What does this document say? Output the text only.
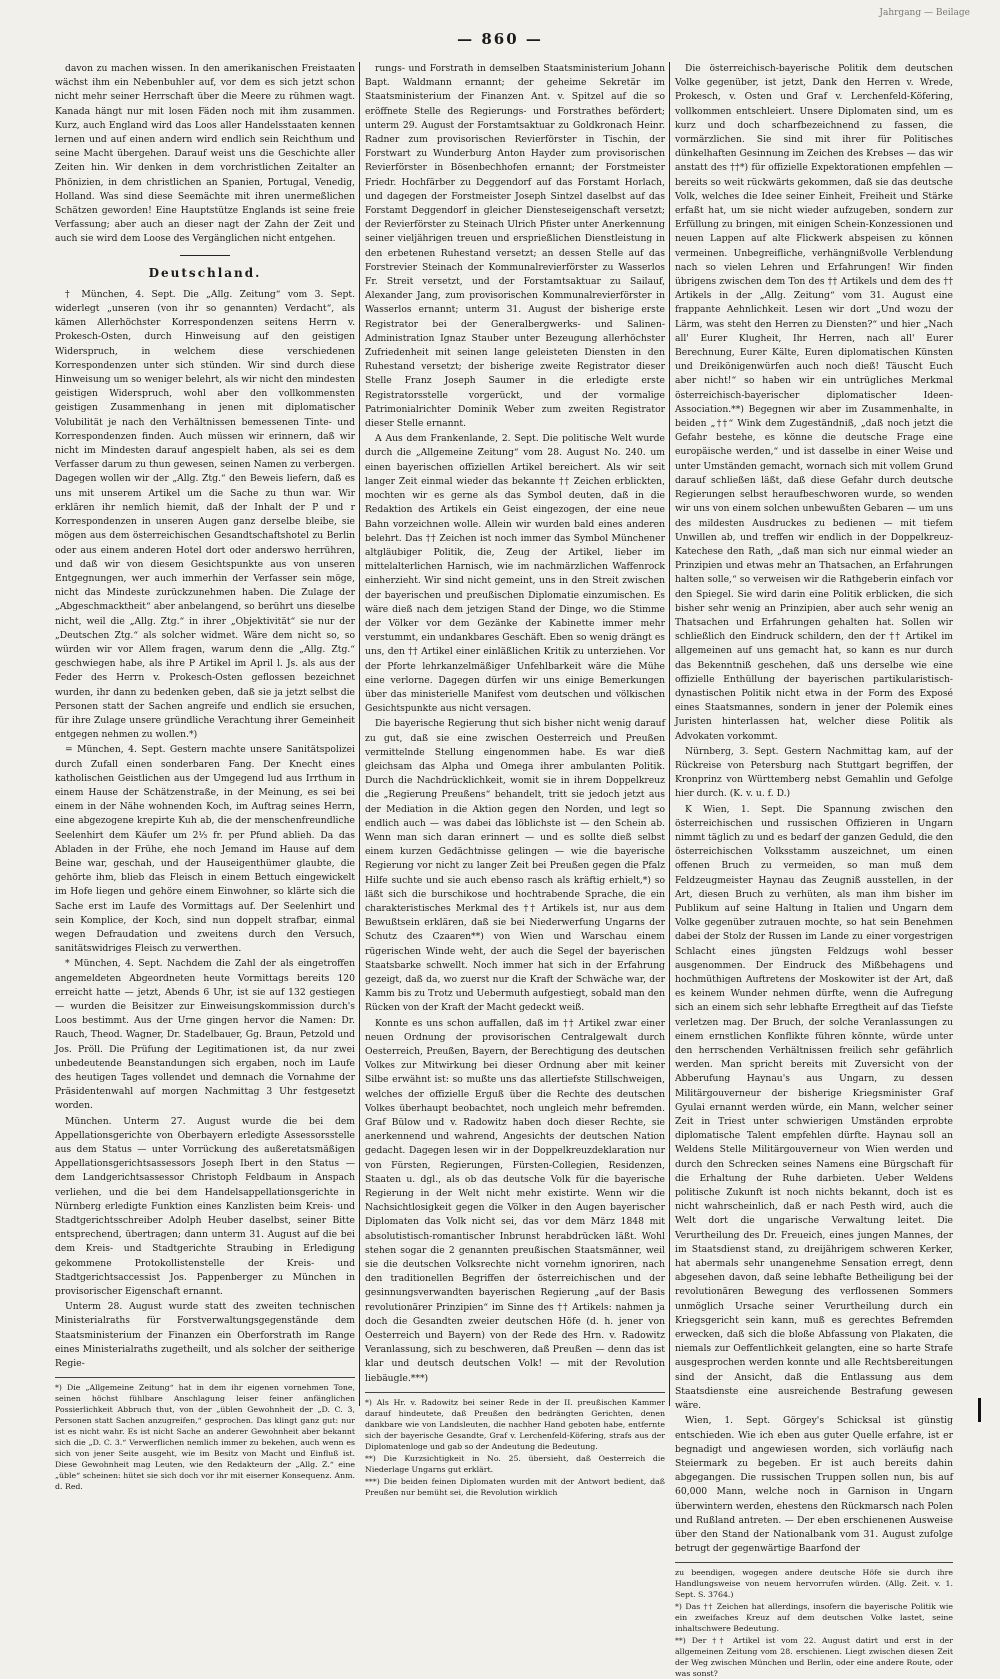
Jahrgang — Beilage
— 860 —

davon zu machen wissen. In den amerikanischen Freistaaten wächst ihm ein Nebenbuhler auf, vor dem es sich jetzt schon nicht mehr seiner Herrschaft über die Meere zu rühmen wagt. Kanada hängt nur mit losen Fäden noch mit ihm zusammen. Kurz, auch England wird das Loos aller Handelsstaaten kennen lernen und auf einen andern wird endlich sein Reichthum und seine Macht übergehen. Darauf weist uns die Geschichte aller Zeiten hin. Wir denken in dem vorchristlichen Zeitalter an Phönizien, in dem christlichen an Spanien, Portugal, Venedig, Holland. Was sind diese Seemächte mit ihren unermeßlichen Schätzen geworden! Eine Hauptstütze Englands ist seine freie Verfassung; aber auch an dieser nagt der Zahn der Zeit und auch sie wird dem Loose des Vergänglichen nicht entgehen.

Deutschland.

† München, 4. Sept. Die „Allg. Zeitung“ vom 3. Sept. widerlegt „unseren (von ihr so genannten) Verdacht“, als kämen Allerhöchster Korrespondenzen seitens Herrn v. Prokesch-Osten, durch Hinweisung auf den geistigen Widerspruch, in welchem diese verschiedenen Korrespondenzen unter sich stünden. Wir sind durch diese Hinweisung um so weniger belehrt, als wir nicht den mindesten geistigen Widerspruch, wohl aber den vollkommensten geistigen Zusammenhang in jenen mit diplomatischer Volubilität je nach den Verhältnissen bemessenen Tinte- und Korrespondenzen finden. Auch müssen wir erinnern, daß wir nicht im Mindesten darauf angespielt haben, als sei es dem Verfasser darum zu thun gewesen, seinen Namen zu verbergen. Dagegen wollen wir der „Allg. Ztg.“ den Beweis liefern, daß es uns mit unserem Artikel um die Sache zu thun war. Wir erklären ihr nemlich hiemit, daß der Inhalt der P und r Korrespondenzen in unseren Augen ganz derselbe bleibe, sie mögen aus dem österreichischen Gesandtschaftshotel zu Berlin oder aus einem anderen Hotel dort oder anderswo herrühren, und daß wir von diesem Gesichtspunkte aus von unseren Entgegnungen, wer auch immerhin der Verfasser sein möge, nicht das Mindeste zurückzunehmen haben. Die Zulage der „Abgeschmacktheit“ aber anbelangend, so berührt uns dieselbe nicht, weil die „Allg. Ztg.“ in ihrer „Objektivität“ sie nur der „Deutschen Ztg.“ als solcher widmet. Wäre dem nicht so, so würden wir vor Allem fragen, warum denn die „Allg. Ztg.“ geschwiegen habe, als ihre P Artikel im April l. Js. als aus der Feder des Herrn v. Prokesch-Osten geflossen bezeichnet wurden, ihr dann zu bedenken geben, daß sie ja jetzt selbst die Personen statt der Sachen angreife und endlich sie ersuchen, für ihre Zulage unsere gründliche Verachtung ihrer Gemeinheit entgegen nehmen zu wollen.*)

= München, 4. Sept. Gestern machte unsere Sanitätspolizei durch Zufall einen sonderbaren Fang. Der Knecht eines katholischen Geistlichen aus der Umgegend lud aus Irrthum in einem Hause der Schätzenstraße, in der Meinung, es sei bei einem in der Nähe wohnenden Koch, im Auftrag seines Herrn, eine abgezogene krepirte Kuh ab, die der menschenfreundliche Seelenhirt dem Käufer um 2⅓ fr. per Pfund ablieh. Da das Abladen in der Frühe, ehe noch Jemand im Hause auf dem Beine war, geschah, und der Hauseigenthümer glaubte, die gehörte ihm, blieb das Fleisch in einem Bettuch eingewickelt im Hofe liegen und gehöre einem Einwohner, so klärte sich die Sache erst im Laufe des Vormittags auf. Der Seelenhirt und sein Komplice, der Koch, sind nun doppelt strafbar, einmal wegen Defraudation und zweitens durch den Versuch, sanitätswidriges Fleisch zu verwerthen.

* München, 4. Sept. Nachdem die Zahl der als eingetroffen angemeldeten Abgeordneten heute Vormittags bereits 120 erreicht hatte — jetzt, Abends 6 Uhr, ist sie auf 132 gestiegen — wurden die Beisitzer zur Einweisungskommission durch's Loos bestimmt. Aus der Urne gingen hervor die Namen: Dr. Rauch, Theod. Wagner, Dr. Stadelbauer, Gg. Braun, Petzold und Jos. Pröll. Die Prüfung der Legitimationen ist, da nur zwei unbedeutende Beanstandungen sich ergaben, noch im Laufe des heutigen Tages vollendet und demnach die Vornahme der Präsidentenwahl auf morgen Nachmittag 3 Uhr festgesetzt worden.

München. Unterm 27. August wurde die bei dem Appellationsgerichte von Oberbayern erledigte Assessorsstelle aus dem Status — unter Vorrückung des außeretatsmäßigen Appellationsgerichtsassessors Joseph Ibert in den Status — dem Landgerichtsassessor Christoph Feldbaum in Anspach verliehen, und die bei dem Handelsappellationsgerichte in Nürnberg erledigte Funktion eines Kanzlisten beim Kreis- und Stadtgerichtsschreiber Adolph Heuber daselbst, seiner Bitte entsprechend, übertragen; dann unterm 31. August auf die bei dem Kreis- und Stadtgerichte Straubing in Erledigung gekommene Protokollistenstelle der Kreis- und Stadtgerichtsaccessist Jos. Pappenberger zu München in provisorischer Eigenschaft ernannt.

Unterm 28. August wurde statt des zweiten technischen Ministerialraths für Forstverwaltungsgegenstände dem Staatsministerium der Finanzen ein Oberforstrath im Range eines Ministerialraths zugetheilt, und als solcher der seitherige Regie-

*) Die „Allgemeine Zeitung“ hat in dem ihr eigenen vornehmen Tone, seinen höchst fühlbare Anschlagung leiser feiner anfänglichen Possierlichkeit Abbruch thut, von der „üblen Gewohnheit der „D. C. 3, Personen statt Sachen anzugreifen,“ gesprochen. Das klingt ganz gut: nur ist es nicht wahr. Es ist nicht Sache an anderer Gewohnheit aber bekannt sich die „D. C. 3.“ Verwerflichen nemlich immer zu bekehen, auch wenn es sich von jener Seite ausgeht, wie im Besitz von Macht und Einfluß ist. Diese Gewohnheit mag Leuten, wie den Redakteurn der „Allg. Z.“ eine „üble“ scheinen: hütet sie sich doch vor ihr mit eiserner Konsequenz. Anm. d. Red.

rungs- und Forstrath in demselben Staatsministerium Johann Bapt. Waldmann ernannt; der geheime Sekretär im Staatsministerium der Finanzen Ant. v. Spitzel auf die so eröffnete Stelle des Regierungs- und Forstrathes befördert; unterm 29. August der Forstamtsaktuar zu Goldkronach Heinr. Radner zum provisorischen Revierförster in Tischin, der Forstwart zu Wunderburg Anton Hayder zum provisorischen Revierförster in Bösenbechhofen ernannt; der Forstmeister Friedr. Hochfärber zu Deggendorf auf das Forstamt Horlach, und dagegen der Forstmeister Joseph Sintzel daselbst auf das Forstamt Deggendorf in gleicher Diensteseigenschaft versetzt; der Revierförster zu Steinach Ulrich Pfister unter Anerkennung seiner vieljährigen treuen und ersprießlichen Dienstleistung in den erbetenen Ruhestand versetzt; an dessen Stelle auf das Forstrevier Steinach der Kommunalrevierförster zu Wasserlos Fr. Streit versetzt, und der Forstamtsaktuar zu Sailauf, Alexander Jang, zum provisorischen Kommunalrevierförster in Wasserlos ernannt; unterm 31. August der bisherige erste Registrator bei der Generalbergwerks- und Salinen-Administration Ignaz Stauber unter Bezeugung allerhöchster Zufriedenheit mit seinen lange geleisteten Diensten in den Ruhestand versetzt; der bisherige zweite Registrator dieser Stelle Franz Joseph Saumer in die erledigte erste Registratorsstelle vorgerückt, und der vormalige Patrimonialrichter Dominik Weber zum zweiten Registrator dieser Stelle ernannt.

A Aus dem Frankenlande, 2. Sept. Die politische Welt wurde durch die „Allgemeine Zeitung“ vom 28. August No. 240. um einen bayerischen offiziellen Artikel bereichert. Als wir seit langer Zeit einmal wieder das bekannte †† Zeichen erblickten, mochten wir es gerne als das Symbol deuten, daß in die Redaktion des Artikels ein Geist eingezogen, der eine neue Bahn vorzeichnen wolle. Allein wir wurden bald eines anderen belehrt. Das †† Zeichen ist noch immer das Symbol Münchener altgläubiger Politik, die, Zeug der Artikel, lieber im mittelalterlichen Harnisch, wie im nachmärzlichen Waffenrock einherzieht. Wir sind nicht gemeint, uns in den Streit zwischen der bayerischen und preußischen Diplomatie einzumischen. Es wäre dieß nach dem jetzigen Stand der Dinge, wo die Stimme der Völker vor dem Gezänke der Kabinette immer mehr verstummt, ein undankbares Geschäft. Eben so wenig drängt es uns, den †† Artikel einer einläßlichen Kritik zu unterziehen. Vor der Pforte lehrkanzelmäßiger Unfehlbarkeit wäre die Mühe eine verlorne. Dagegen dürfen wir uns einige Bemerkungen über das ministerielle Manifest vom deutschen und völkischen Gesichtspunkte aus nicht versagen.

Die bayerische Regierung thut sich bisher nicht wenig darauf zu gut, daß sie eine zwischen Oesterreich und Preußen vermittelnde Stellung eingenommen habe. Es war dieß gleichsam das Alpha und Omega ihrer ambulanten Politik. Durch die Nachdrücklichkeit, womit sie in ihrem Doppelkreuz die „Regierung Preußens“ behandelt, tritt sie jedoch jetzt aus der Mediation in die Aktion gegen den Norden, und legt so endlich auch — was dabei das löblichste ist — den Schein ab. Wenn man sich daran erinnert — und es sollte dieß selbst einem kurzen Gedächtnisse gelingen — wie die bayerische Regierung vor nicht zu langer Zeit bei Preußen gegen die Pfalz Hilfe suchte und sie auch ebenso rasch als kräftig erhielt,*) so läßt sich die burschikose und hochtrabende Sprache, die ein charakteristisches Merkmal des †† Artikels ist, nur aus dem Bewußtsein erklären, daß sie bei Niederwerfung Ungarns der Schutz des Czaaren**) von Wien und Warschau einem rügerischen Winde weht, der auch die Segel der bayerischen Staatsbarke schwellt. Noch immer hat sich in der Erfahrung gezeigt, daß da, wo zuerst nur die Kraft der Schwäche war, der Kamm bis zu Trotz und Uebermuth aufgestiegt, sobald man den Rücken von der Kraft der Macht gedeckt weiß.

Konnte es uns schon auffallen, daß im †† Artikel zwar einer neuen Ordnung der provisorischen Centralgewalt durch Oesterreich, Preußen, Bayern, der Berechtigung des deutschen Volkes zur Mitwirkung bei dieser Ordnung aber mit keiner Silbe erwähnt ist: so mußte uns das allertiefste Stillschweigen, welches der offizielle Erguß über die Rechte des deutschen Volkes überhaupt beobachtet, noch ungleich mehr befremden. Graf Bülow und v. Radowitz haben doch dieser Rechte, sie anerkennend und wahrend, Angesichts der deutschen Nation gedacht. Dagegen lesen wir in der Doppelkreuzdeklaration nur von Fürsten, Regierungen, Fürsten-Collegien, Residenzen, Staaten u. dgl., als ob das deutsche Volk für die bayerische Regierung in der Welt nicht mehr existirte. Wenn wir die Nachsichtlosigkeit gegen die Völker in den Augen bayerischer Diplomaten das Volk nicht sei, das vor dem März 1848 mit absolutistisch-romantischer Inbrunst herabdrücken läßt. Wohl stehen sogar die 2 genannten preußischen Staatsmänner, weil sie die deutschen Volksrechte nicht vornehm ignoriren, nach den traditionellen Begriffen der österreichischen und der gesinnungsverwandten bayerischen Regierung „auf der Basis revolutionärer Prinzipien“ im Sinne des †† Artikels: nahmen ja doch die Gesandten zweier deutschen Höfe (d. h. jener von Oesterreich und Bayern) von der Rede des Hrn. v. Radowitz Veranlassung, sich zu beschweren, daß Preußen — denn das ist klar und deutsch deutschen Volk! — mit der Revolution liebäugle.***)

*) Als Hr. v. Radowitz bei seiner Rede in der II. preußischen Kammer darauf hindeutete, daß Preußen den bedrängten Gerichten, denen dankbare wie von Landsleuten, die nachher Hand geboten habe, entfernte sich der bayerische Gesandte, Graf v. Lerchenfeld-Köfering, strafs aus der Diplomatenloge und gab so der Andeutung die Bedeutung.

**) Die Kurzsichtigkeit in No. 25. übersieht, daß Oesterreich die Niederlage Ungarns gut erklärt.

***) Die beiden feinen Diplomaten wurden mit der Antwort bedient, daß Preußen nur bemüht sei, die Revolution wirklich

Die österreichisch-bayerische Politik dem deutschen Volke gegenüber, ist jetzt, Dank den Herren v. Wrede, Prokesch, v. Osten und Graf v. Lerchenfeld-Köfering, vollkommen entschleiert. Unsere Diplomaten sind, um es kurz und doch scharfbezeichnend zu fassen, die vormärzlichen. Sie sind mit ihrer für Politisches dünkelhaften Gesinnung im Zeichen des Krebses — das wir anstatt des ††*) für offizielle Expektorationen empfehlen — bereits so weit rückwärts gekommen, daß sie das deutsche Volk, welches die Idee seiner Einheit, Freiheit und Stärke erfaßt hat, um sie nicht wieder aufzugeben, sondern zur Erfüllung zu bringen, mit einigen Schein-Konzessionen und neuen Lappen auf alte Flickwerk abspeisen zu können vermeinen. Unbegreifliche, verhängnißvolle Verblendung nach so vielen Lehren und Erfahrungen! Wir finden übrigens zwischen dem Ton des †† Artikels und dem des †† Artikels in der „Allg. Zeitung“ vom 31. August eine frappante Aehnlichkeit. Lesen wir dort „Und wozu der Lärm, was steht den Herren zu Diensten?“ und hier „Nach all' Eurer Klugheit, Ihr Herren, nach all' Eurer Berechnung, Eurer Kälte, Euren diplomatischen Künsten und Dreikönigenwürfen auch noch dieß! Täuscht Euch aber nicht!“ so haben wir ein untrügliches Merkmal österreichisch-bayerischer diplomatischer Ideen-Association.**) Begegnen wir aber im Zusammenhalte, in beiden „††“ Wink dem Zugeständniß, „daß noch jetzt die Gefahr bestehe, es könne die deutsche Frage eine europäische werden,“ und ist dasselbe in einer Weise und unter Umständen gemacht, wornach sich mit vollem Grund darauf schließen läßt, daß diese Gefahr durch deutsche Regierungen selbst heraufbeschworen wurde, so wenden wir uns von einem solchen unbewußten Gebaren — um uns des mildesten Ausdruckes zu bedienen — mit tiefem Unwillen ab, und treffen wir endlich in der Doppelkreuz-Katechese den Rath, „daß man sich nur einmal wieder an Prinzipien und etwas mehr an Thatsachen, an Erfahrungen halten solle,“ so verweisen wir die Rathgeberin einfach vor den Spiegel. Sie wird darin eine Politik erblicken, die sich bisher sehr wenig an Prinzipien, aber auch sehr wenig an Thatsachen und Erfahrungen gehalten hat. Sollen wir schließlich den Eindruck schildern, den der †† Artikel im allgemeinen auf uns gemacht hat, so kann es nur durch das Bekenntniß geschehen, daß uns derselbe wie eine offizielle Enthüllung der bayerischen partikularistisch-dynastischen Politik nicht etwa in der Form des Exposé eines Staatsmannes, sondern in jener der Polemik eines Juristen hinterlassen hat, welcher diese Politik als Advokaten vorkommt.

Nürnberg, 3. Sept. Gestern Nachmittag kam, auf der Rückreise von Petersburg nach Stuttgart begriffen, der Kronprinz von Württemberg nebst Gemahlin und Gefolge hier durch. (K. v. u. f. D.)

K Wien, 1. Sept. Die Spannung zwischen den österreichischen und russischen Offizieren in Ungarn nimmt täglich zu und es bedarf der ganzen Geduld, die den österreichischen Volksstamm auszeichnet, um einen offenen Bruch zu vermeiden, so man muß dem Feldzeugmeister Haynau das Zeugniß ausstellen, in der Art, diesen Bruch zu verhüten, als man ihm bisher im Publikum auf seine Haltung in Italien und Ungarn dem Volke gegenüber zutrauen mochte, so hat sein Benehmen dabei der Stolz der Russen im Lande zu einer vorgestrigen Schlacht eines jüngsten Feldzugs wohl besser ausgenommen. Der Eindruck des Mißbehagens und hochmüthigen Auftretens der Moskowiter ist der Art, daß es keinem Wunder nehmen dürfte, wenn die Aufregung sich an einem sich sehr lebhafte Erregtheit auf das Tiefste verletzen mag. Der Bruch, der solche Veranlassungen zu einem ernstlichen Konflikte führen könnte, würde unter den herrschenden Verhältnissen freilich sehr gefährlich werden. Man spricht bereits mit Zuversicht von der Abberufung Haynau's aus Ungarn, zu dessen Militärgouverneur der bisherige Kriegsminister Graf Gyulai ernannt werden würde, ein Mann, welcher seiner Zeit in Triest unter schwierigen Umständen erprobte diplomatische Talent empfehlen dürfte. Haynau soll an Weldens Stelle Militärgouverneur von Wien werden und durch den Schrecken seines Namens eine Bürgschaft für die Erhaltung der Ruhe darbieten. Ueber Weldens politische Zukunft ist noch nichts bekannt, doch ist es nicht wahrscheinlich, daß er nach Pesth wird, auch die Welt dort die ungarische Verwaltung leitet. Die Verurtheilung des Dr. Freueich, eines jungen Mannes, der im Staatsdienst stand, zu dreijährigem schweren Kerker, hat abermals sehr unangenehme Sensation erregt, denn abgesehen davon, daß seine lebhafte Betheiligung bei der revolutionären Bewegung des verflossenen Sommers unmöglich Ursache seiner Verurtheilung durch ein Kriegsgericht sein kann, muß es gerechtes Befremden erwecken, daß sich die bloße Abfassung von Plakaten, die niemals zur Oeffentlichkeit gelangten, eine so harte Strafe ausgesprochen werden konnte und alle Rechtsbereitungen sind der Ansicht, daß die Entlassung aus dem Staatsdienste eine ausreichende Bestrafung gewesen wäre.

Wien, 1. Sept. Görgey's Schicksal ist günstig entschieden. Wie ich eben aus guter Quelle erfahre, ist er begnadigt und angewiesen worden, sich vorläufig nach Steiermark zu begeben. Er ist auch bereits dahin abgegangen. Die russischen Truppen sollen nun, bis auf 60,000 Mann, welche noch in Garnison in Ungarn überwintern werden, ehestens den Rückmarsch nach Polen und Rußland antreten. — Der eben erschienenen Ausweise über den Stand der Nationalbank vom 31. August zufolge betrugt der gegenwärtige Baarfond der

zu beendigen, wogegen andere deutsche Höfe sie durch ihre Handlungsweise von neuem hervorrufen würden. (Allg. Zeit. v. 1. Sept. S. 3764.)

*) Das †† Zeichen hat allerdings, insofern die bayerische Politik wie ein zweifaches Kreuz auf dem deutschen Volke lastet, seine inhaltschwere Bedeutung.

**) Der †† Artikel ist vom 22. August datirt und erst in der allgemeinen Zeitung vom 28. erschienen. Liegt zwischen diesen Zeit der Weg zwischen München und Berlin, oder eine andere Route, oder was sonst?
